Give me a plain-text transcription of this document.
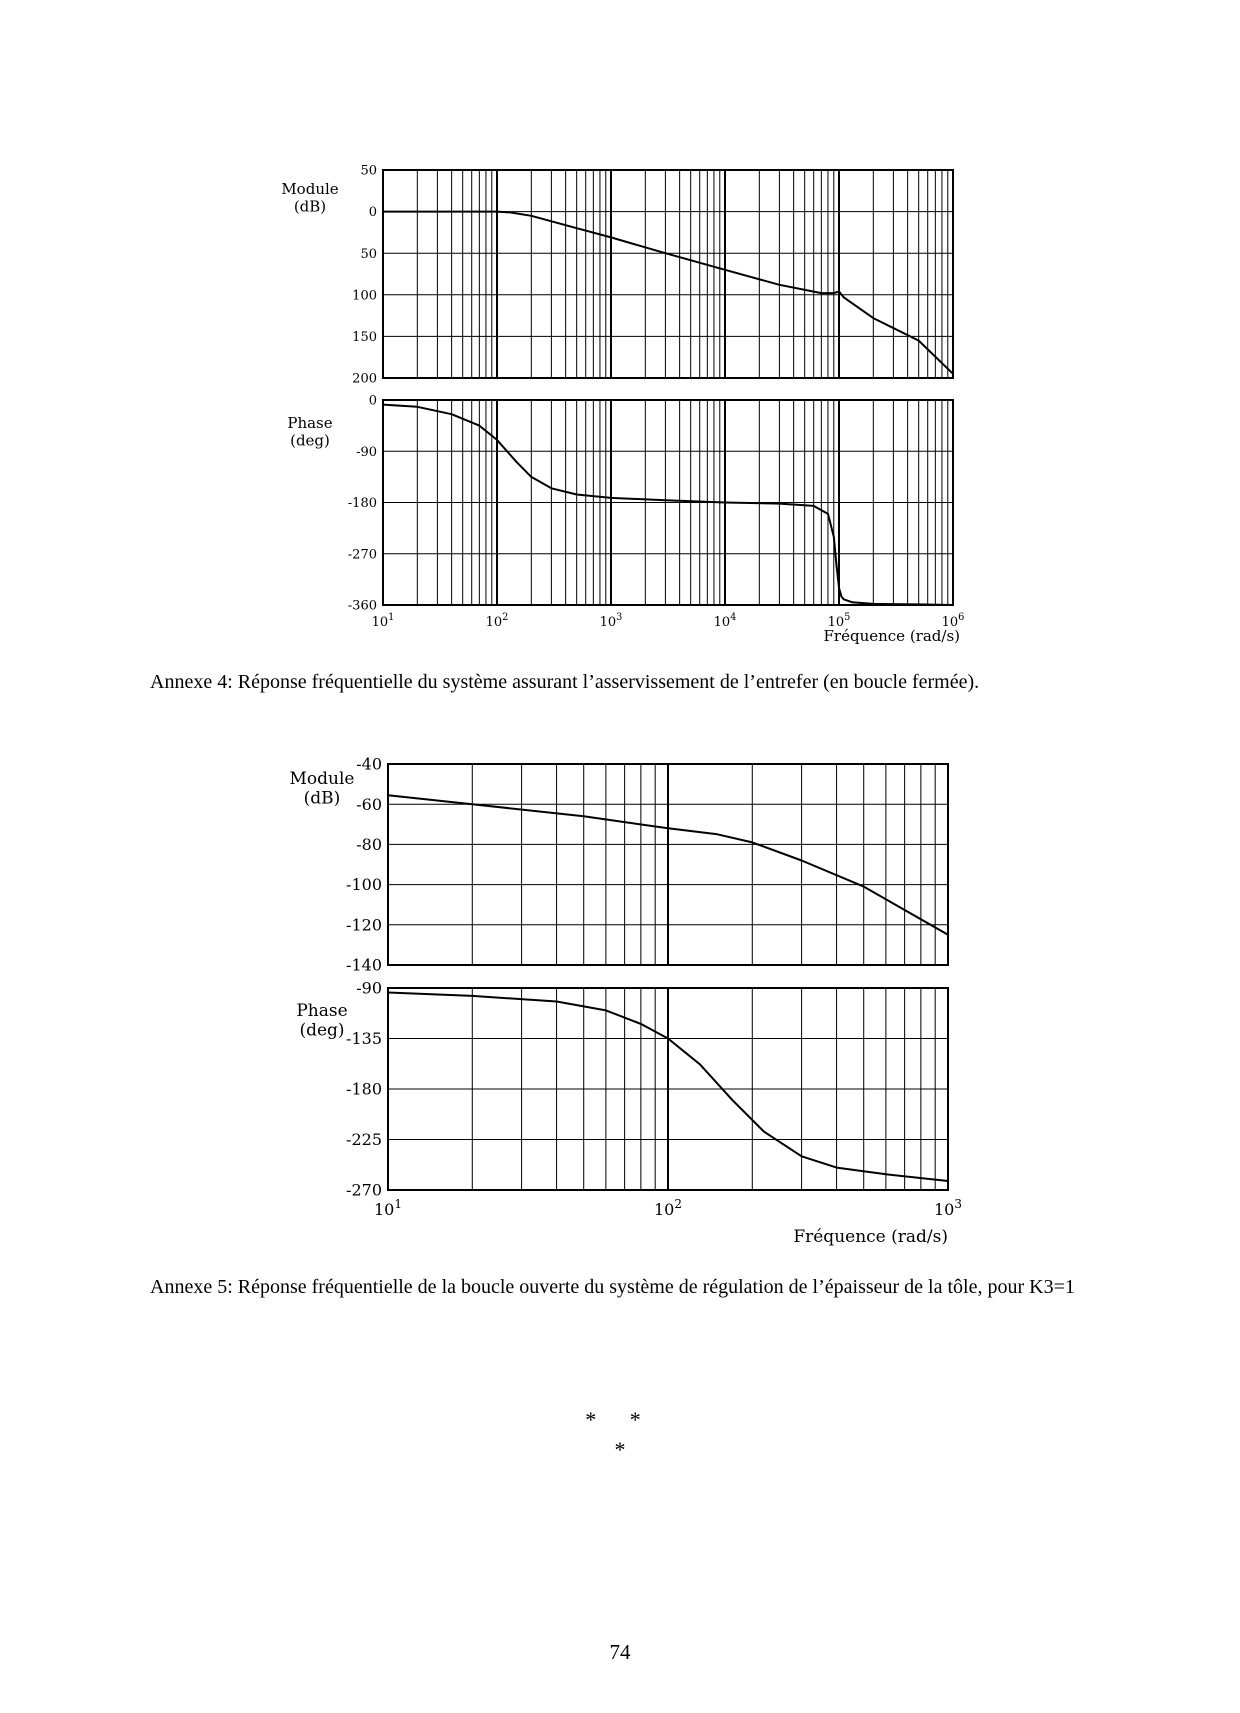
50
0
50
100
150
200
Module
(dB)
0
-90
-180
-270
-360
Phase
(deg)
$10^1$	$10^2$	$10^3$	$10^4$	$10^5$	$10^6$
Fréquence (rad/s)

Annexe 4: Réponse fréquentielle du système assurant l’asservissement de l’entrefer (en boucle fermée).

-40
-60
-80
-100
-120
-140
Module
(dB)
-90
-135
-180
-225
-270
Phase
(deg)
$10^1$	$10^2$	$10^3$
Fréquence (rad/s)

Annexe 5: Réponse fréquentielle de la boucle ouverte du système de régulation de l’épaisseur de la tôle, pour K3=1

* *
*
74
